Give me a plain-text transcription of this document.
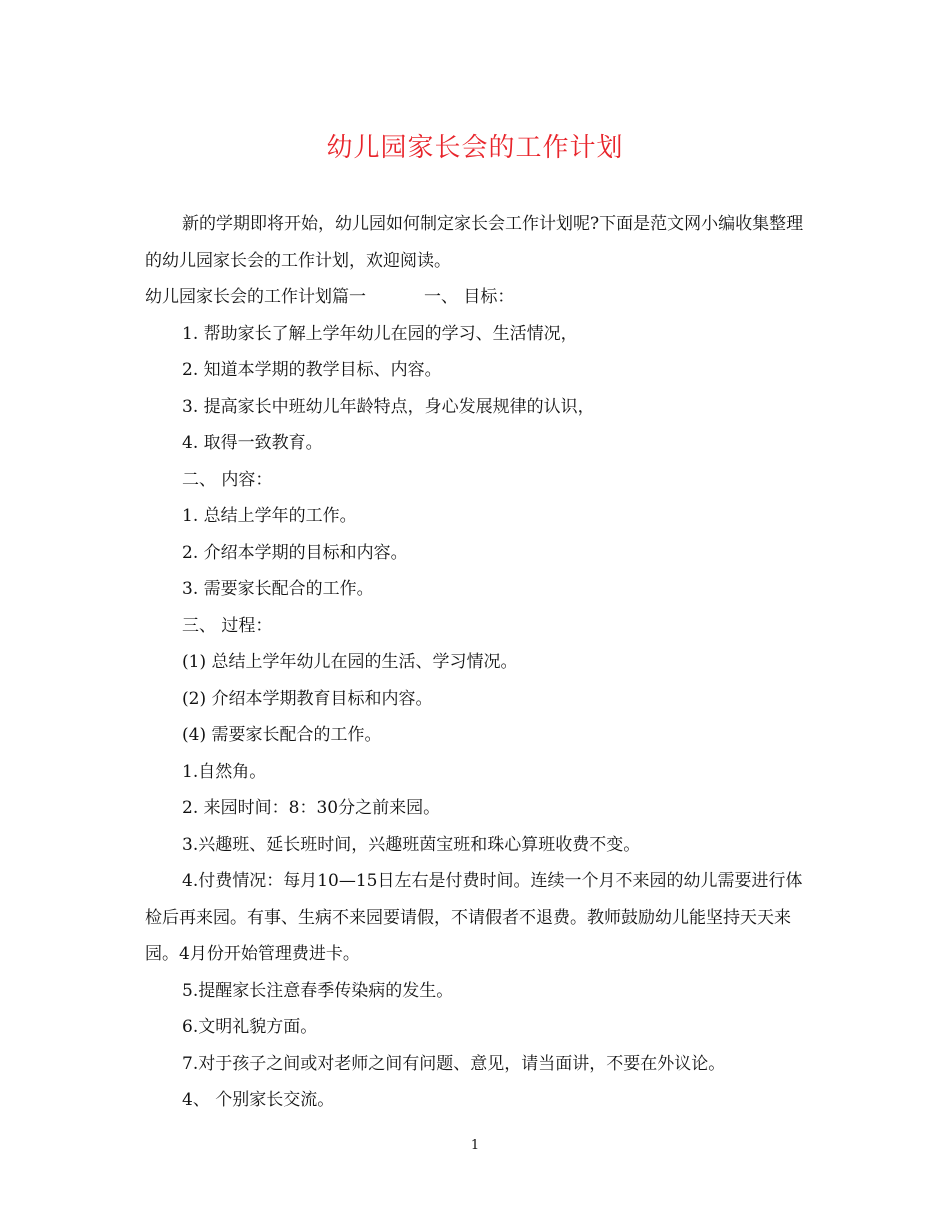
幼儿园家长会的工作计划

新的学期即将开始，幼儿园如何制定家长会工作计划呢?下面是范文网小编收集整理的幼儿园家长会的工作计划，欢迎阅读。

幼儿园家长会的工作计划篇一	一、 目标：

1. 帮助家长了解上学年幼儿在园的学习、生活情况，

2. 知道本学期的教学目标、内容。

3. 提高家长中班幼儿年龄特点，身心发展规律的认识，

4. 取得一致教育。

二、 内容：

1. 总结上学年的工作。

2. 介绍本学期的目标和内容。

3. 需要家长配合的工作。

三、 过程：

(1) 总结上学年幼儿在园的生活、学习情况。

(2) 介绍本学期教育目标和内容。

(4) 需要家长配合的工作。

1.自然角。

2. 来园时间：8：30分之前来园。

3.兴趣班、延长班时间，兴趣班茵宝班和珠心算班收费不变。

4.付费情况：每月10—15日左右是付费时间。连续一个月不来园的幼儿需要进行体检后再来园。有事、生病不来园要请假，不请假者不退费。教师鼓励幼儿能坚持天天来园。4月份开始管理费进卡。

5.提醒家长注意春季传染病的发生。

6.文明礼貌方面。

7.对于孩子之间或对老师之间有问题、意见，请当面讲，不要在外议论。

4、 个别家长交流。

1
